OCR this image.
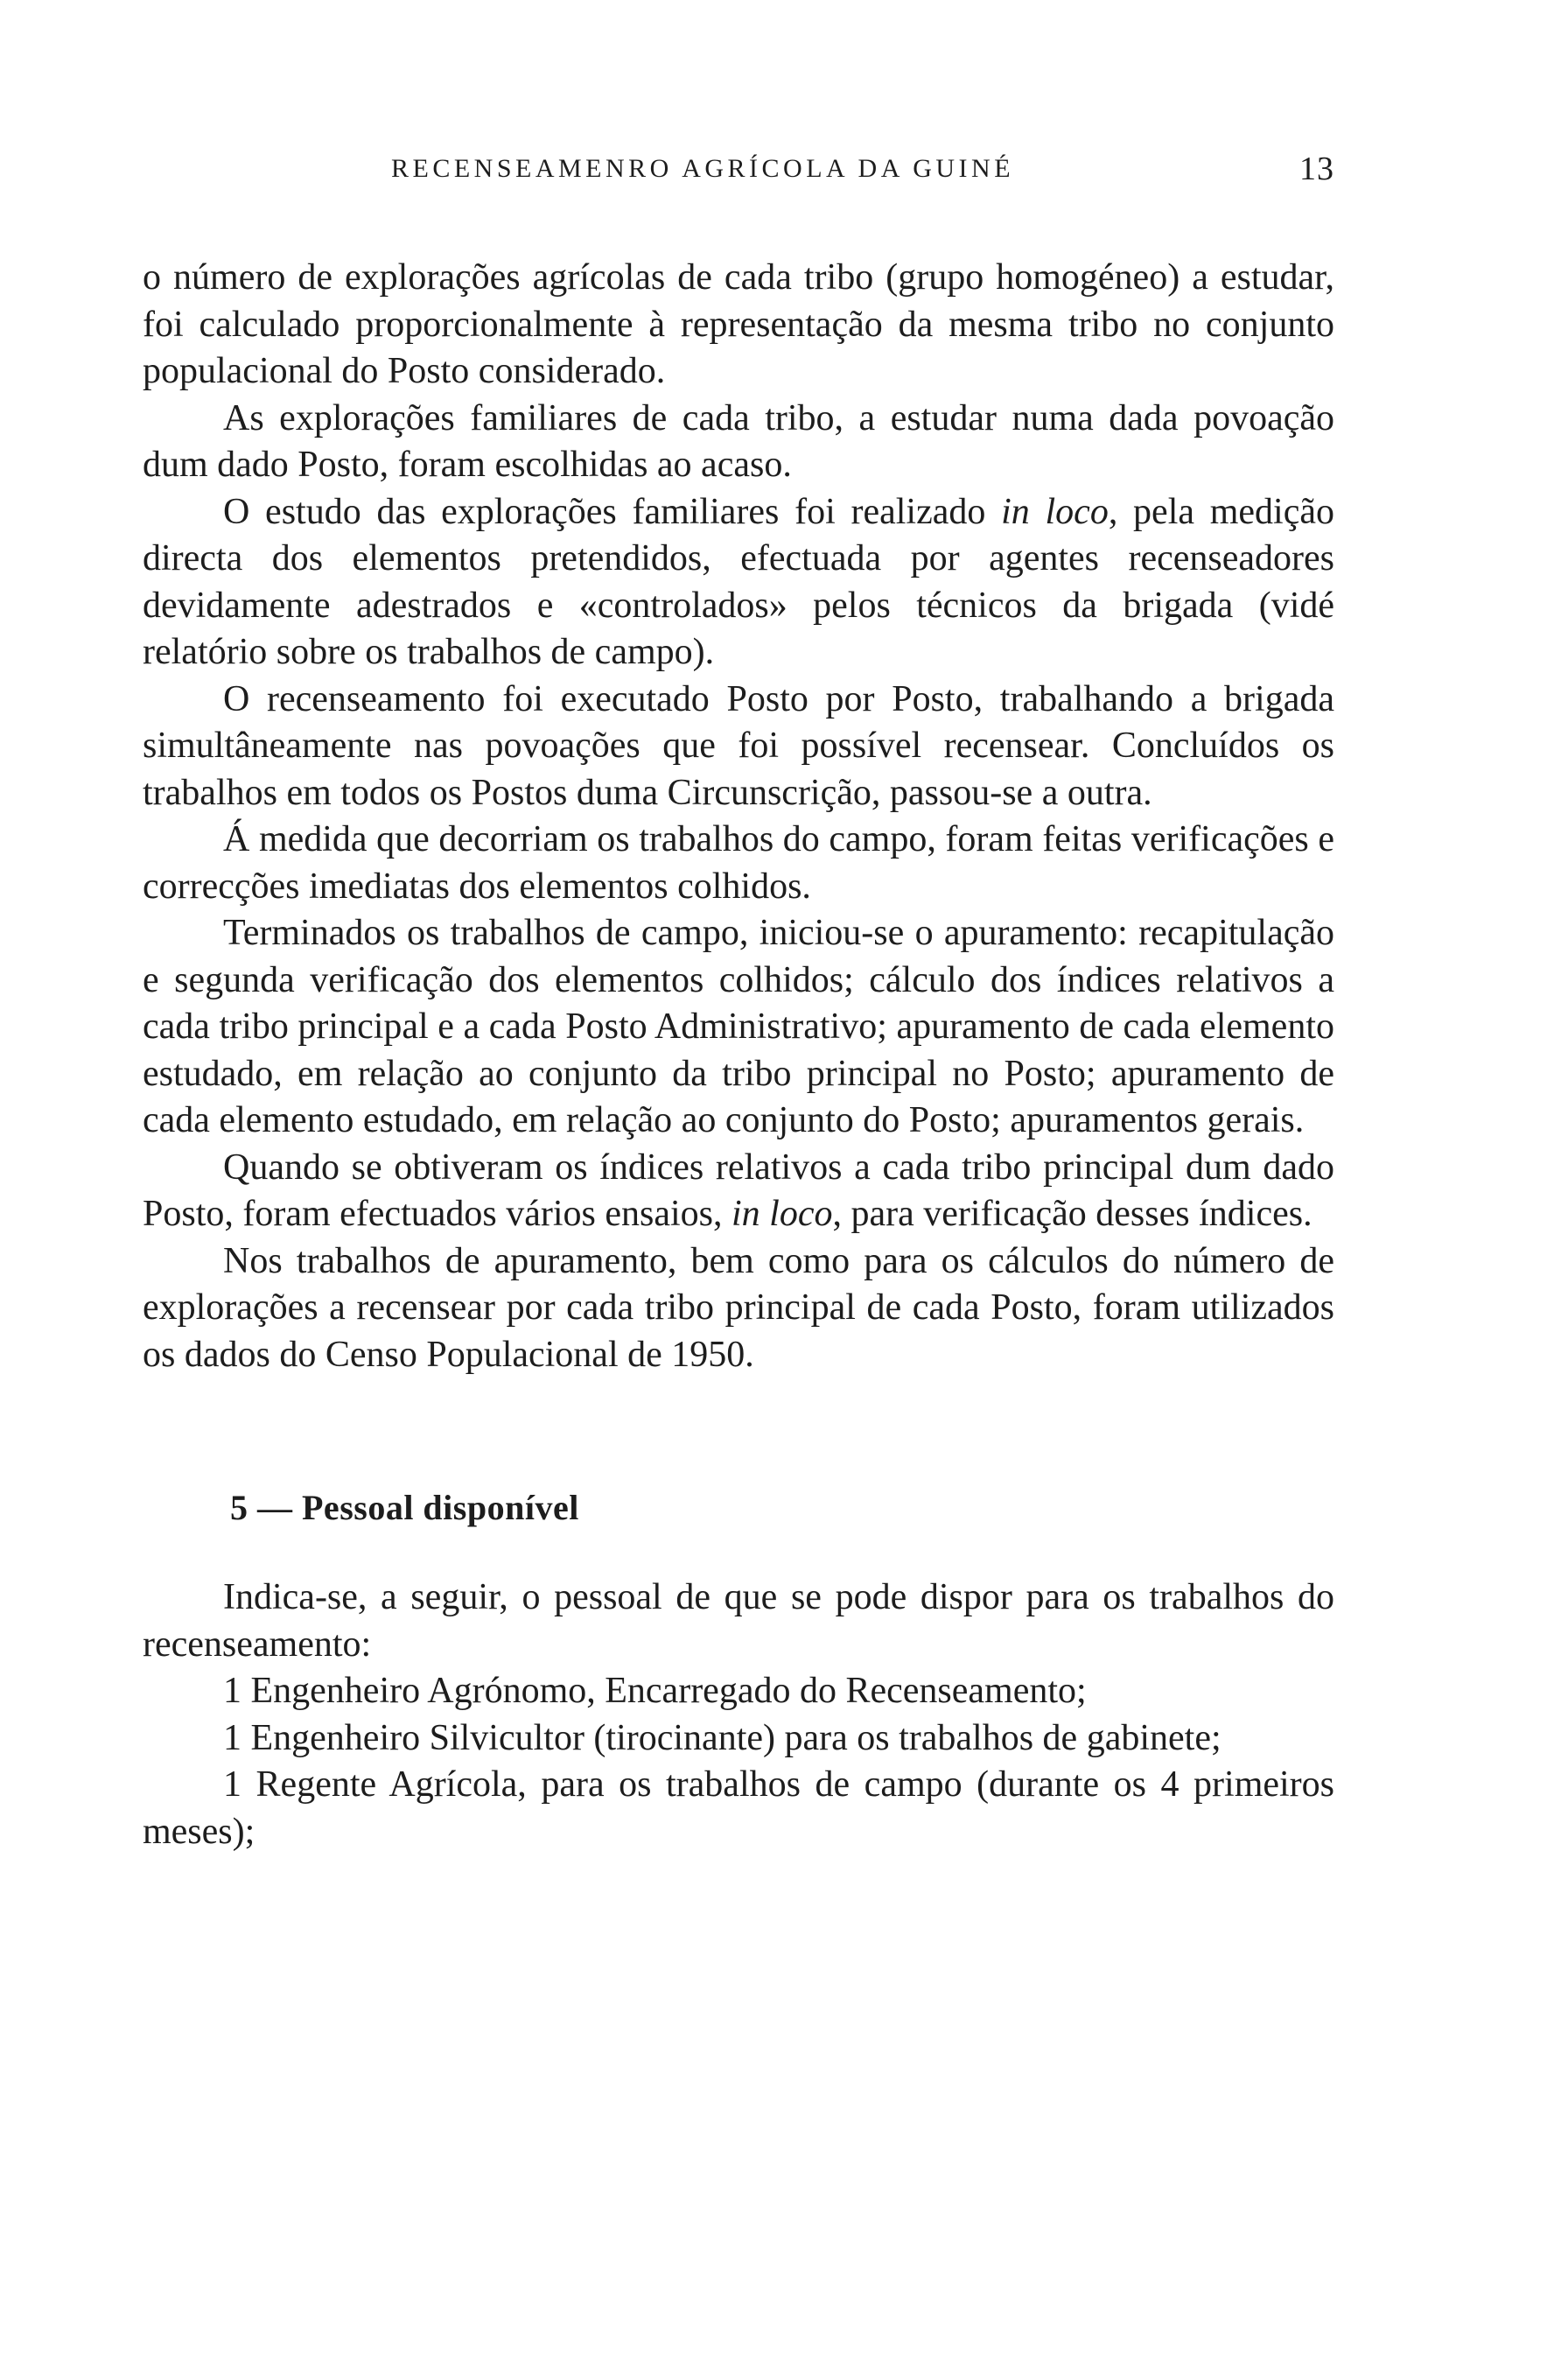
RECENSEAMENRO AGRÍCOLA DA GUINÉ	13

o número de explorações agrícolas de cada tribo (grupo homogéneo) a estudar, foi calculado proporcionalmente à representação da mesma tribo no conjunto populacional do Posto considerado.

As explorações familiares de cada tribo, a estudar numa dada povoação dum dado Posto, foram escolhidas ao acaso.

O estudo das explorações familiares foi realizado in loco, pela medição directa dos elementos pretendidos, efectuada por agentes recenseadores devidamente adestrados e «controlados» pelos técnicos da brigada (vidé relatório sobre os trabalhos de campo).

O recenseamento foi executado Posto por Posto, trabalhando a brigada simultâneamente nas povoações que foi possível recensear. Concluídos os trabalhos em todos os Postos duma Circunscrição, passou-se a outra.

Á medida que decorriam os trabalhos do campo, foram feitas verificações e correcções imediatas dos elementos colhidos.

Terminados os trabalhos de campo, iniciou-se o apuramento: recapitulação e segunda verificação dos elementos colhidos; cálculo dos índices relativos a cada tribo principal e a cada Posto Administrativo; apuramento de cada elemento estudado, em relação ao conjunto da tribo principal no Posto; apuramento de cada elemento estudado, em relação ao conjunto do Posto; apuramentos gerais.

Quando se obtiveram os índices relativos a cada tribo principal dum dado Posto, foram efectuados vários ensaios, in loco, para verificação desses índices.

Nos trabalhos de apuramento, bem como para os cálculos do número de explorações a recensear por cada tribo principal de cada Posto, foram utilizados os dados do Censo Populacional de 1950.

5 — Pessoal disponível

Indica-se, a seguir, o pessoal de que se pode dispor para os trabalhos do recenseamento:

1 Engenheiro Agrónomo, Encarregado do Recenseamento;

1 Engenheiro Silvicultor (tirocinante) para os trabalhos de gabinete;

1 Regente Agrícola, para os trabalhos de campo (durante os 4 primeiros meses);
